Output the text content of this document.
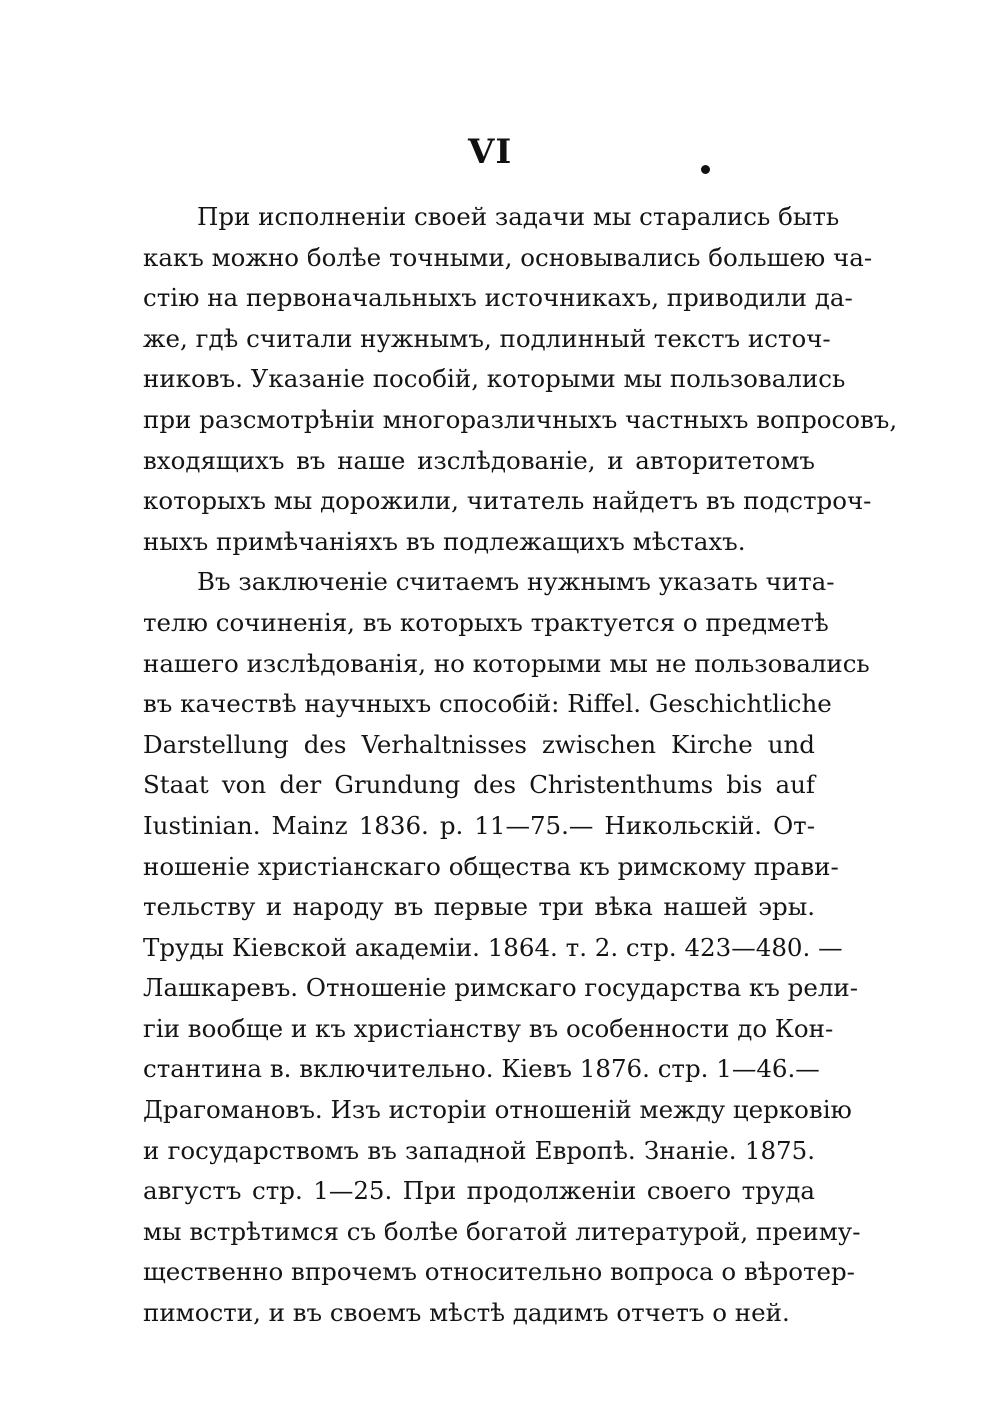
VI
При исполненіи своей задачи мы старались быть
какъ можно болѣе точными, основывались большею ча-
стію на первоначальныхъ источникахъ, приводили да-
же, гдѣ считали нужнымъ, подлинный текстъ источ-
никовъ. Указаніе пособій, которыми мы пользовались
при разсмотрѣніи многоразличныхъ частныхъ вопросовъ,
входящихъ въ наше изслѣдованіе, и авторитетомъ
которыхъ мы дорожили, читатель найдетъ въ подстроч-
ныхъ примѣчаніяхъ въ подлежащихъ мѣстахъ.
Въ заключеніе считаемъ нужнымъ указать чита-
телю сочиненія, въ которыхъ трактуется о предметѣ
нашего изслѣдованія, но которыми мы не пользовались
въ качествѣ научныхъ способій: Riffel. Geschichtliche
Darstellung des Verhaltnisses zwischen Kirche und
Staat von der Grundung des Christenthums bis auf
Iustinian. Mainz 1836. p. 11—75.— Никольскій. От-
ношеніе христіанскаго общества къ римскому прави-
тельству и народу въ первые три вѣка нашей эры.
Труды Кіевской академіи. 1864. т. 2. стр. 423—480. —
Лашкаревъ. Отношеніе римскаго государства къ рели-
гіи вообще и къ христіанству въ особенности до Кон-
стантина в. включительно. Кіевъ 1876. стр. 1—46.—
Драгомановъ. Изъ исторіи отношеній между церковію
и государствомъ въ западной Европѣ. Знаніе. 1875.
августъ стр. 1—25. При продолженіи своего труда
мы встрѣтимся съ болѣе богатой литературой, преиму-
щественно впрочемъ относительно вопроса о вѣротер-
пимости, и въ своемъ мѣстѣ дадимъ отчетъ о ней.
